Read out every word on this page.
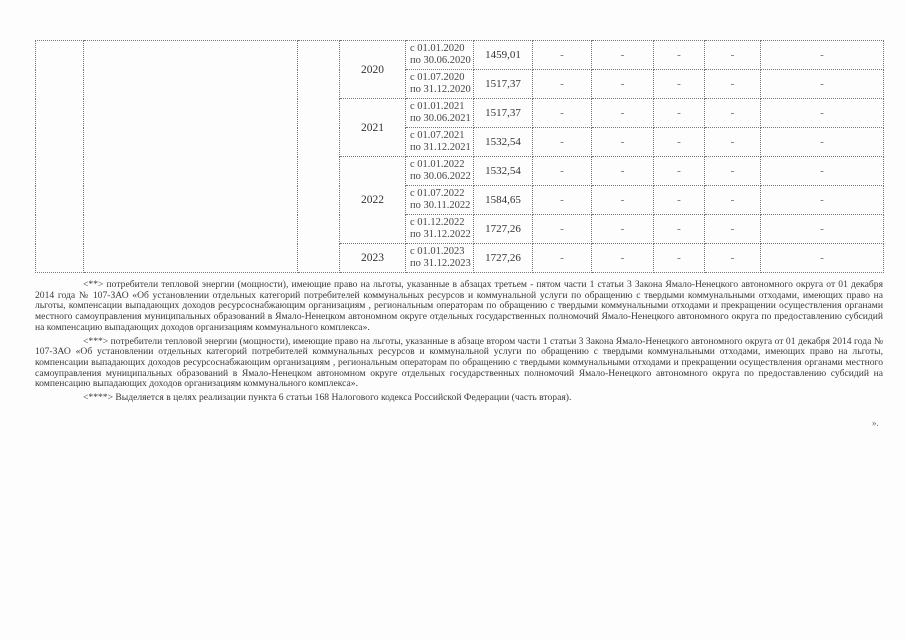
			2020	с 01.01.2020
по 30.06.2020	1459,01	-	-	-	-	-	

				с 01.07.2020
по 31.12.2020	1517,37	-	-	-	-	-	
			2021	с 01.01.2021
по 30.06.2021	1517,37	-	-	-	-	-	

				с 01.07.2021
по 31.12.2021	1532,54	-	-	-	-	-	
			2022	с 01.01.2022
по 30.06.2022	1532,54	-	-	-	-	-	

				с 01.07.2022
по 30.11.2022	1584,65	-	-	-	-	-	

				с 01.12.2022
по 31.12.2022	1727,26	-	-	-	-	-	
			2023	с 01.01.2023
по 31.12.2023	1727,26	-	-	-	-	-	

<**> потребители тепловой энергии (мощности), имеющие право на льготы, указанные в абзацах третьем - пятом части 1 статьи 3 Закона Ямало-Ненецкого автономного округа от 01 декабря 2014 года № 107-ЗАО «Об установлении отдельных категорий потребителей коммунальных ресурсов и коммунальной услуги по обращению с твердыми коммунальными отходами, имеющих право на льготы, компенсации выпадающих доходов ресурсоснабжающим организациям , региональным операторам по обращению с твердыми коммунальными отходами и прекращении осуществления органами местного самоуправления муниципальных образований в Ямало-Ненецком автономном округе отдельных государственных полномочий Ямало-Ненецкого автономного округа по предоставлению субсидий на компенсацию выпадающих доходов организациям коммунального комплекса».

<***> потребители тепловой энергии (мощности), имеющие право на льготы, указанные в абзаце втором части 1 статьи 3 Закона Ямало-Ненецкого автономного округа от 01 декабря 2014 года № 107-ЗАО «Об установлении отдельных категорий потребителей коммунальных ресурсов и коммунальной услуги по обращению с твердыми коммунальными отходами, имеющих право на льготы, компенсации выпадающих доходов ресурсоснабжающим организациям , региональным операторам по обращению с твердыми коммунальными отходами и прекращении осуществления органами местного самоуправления муниципальных образований в Ямало-Ненецком автономном округе отдельных государственных полномочий Ямало-Ненецкого автономного округа по предоставлению субсидий на компенсацию выпадающих доходов организациям коммунального комплекса».

<****> Выделяется в целях реализации пункта 6 статьи 168 Налогового кодекса Российской Федерации (часть вторая).

».
